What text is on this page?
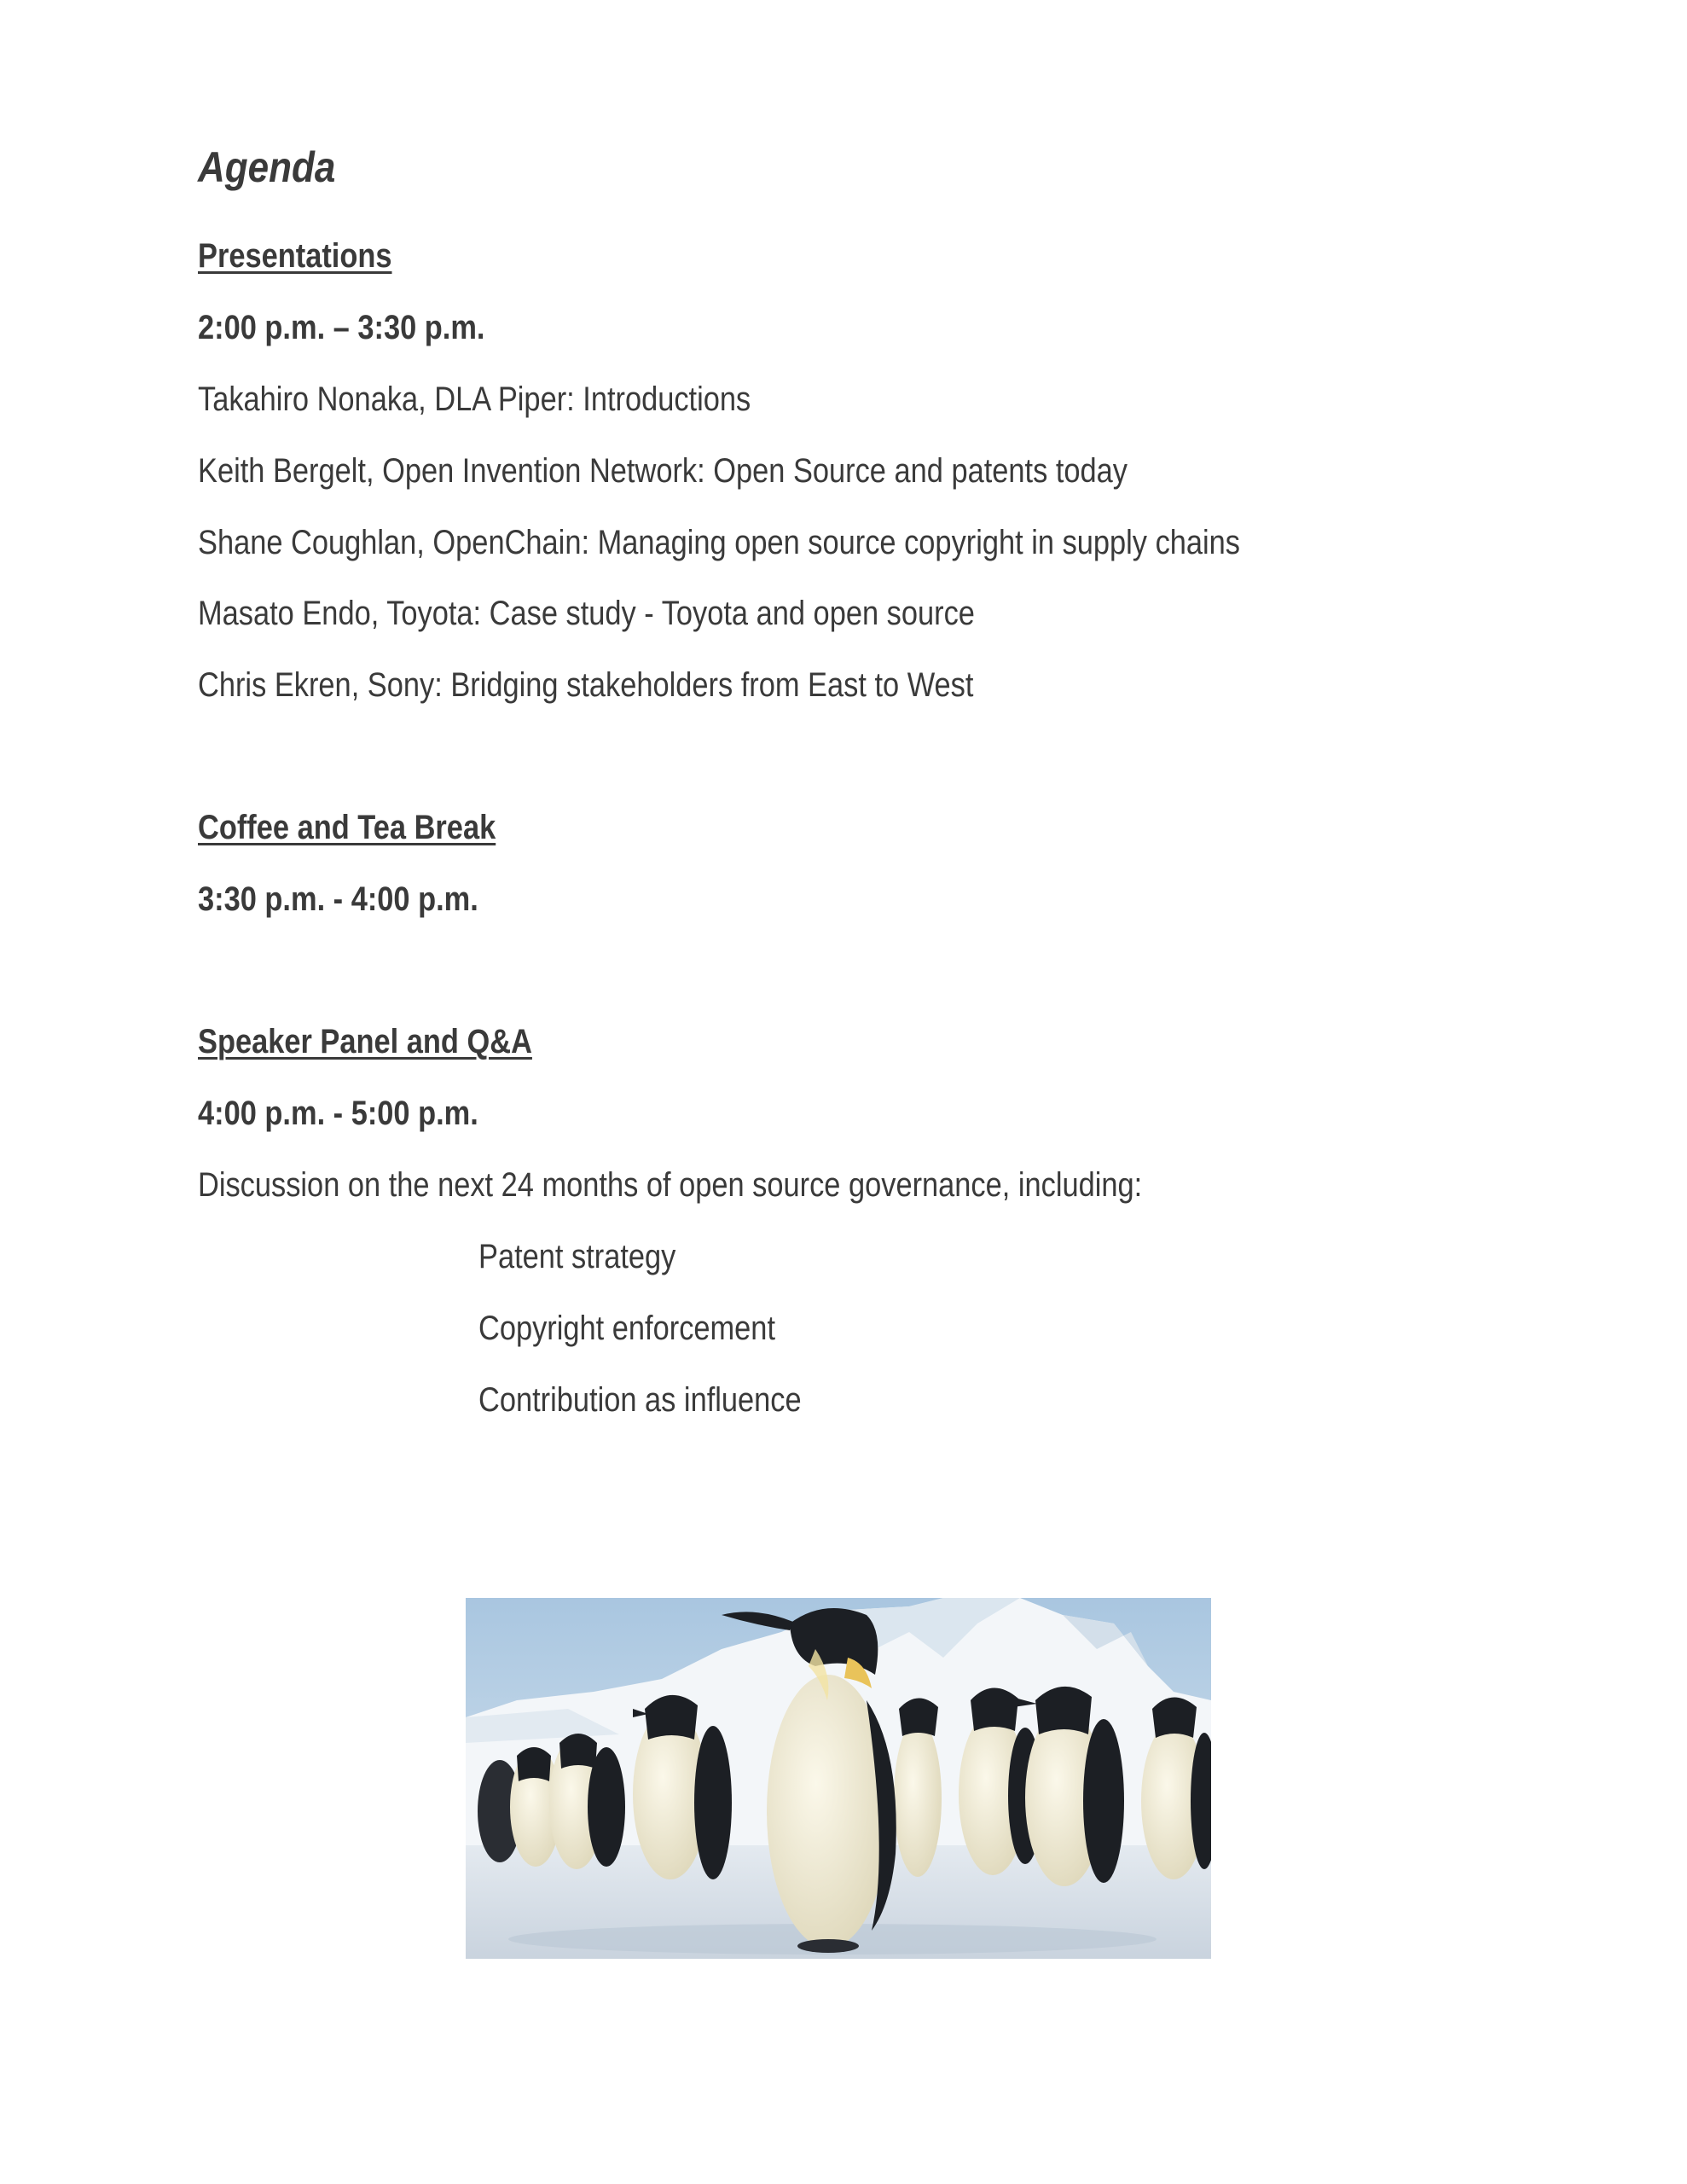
Agenda
Presentations
2:00 p.m. – 3:30 p.m.
Takahiro Nonaka, DLA Piper: Introductions
Keith Bergelt, Open Invention Network: Open Source and patents today
Shane Coughlan, OpenChain: Managing open source copyright in supply chains
Masato Endo, Toyota: Case study - Toyota and open source
Chris Ekren, Sony: Bridging stakeholders from East to West
Coffee and Tea Break
3:30 p.m. - 4:00 p.m.
Speaker Panel and Q&A
4:00 p.m. - 5:00 p.m.
Discussion on the next 24 months of open source governance, including:
Patent strategy
Copyright enforcement
Contribution as influence
